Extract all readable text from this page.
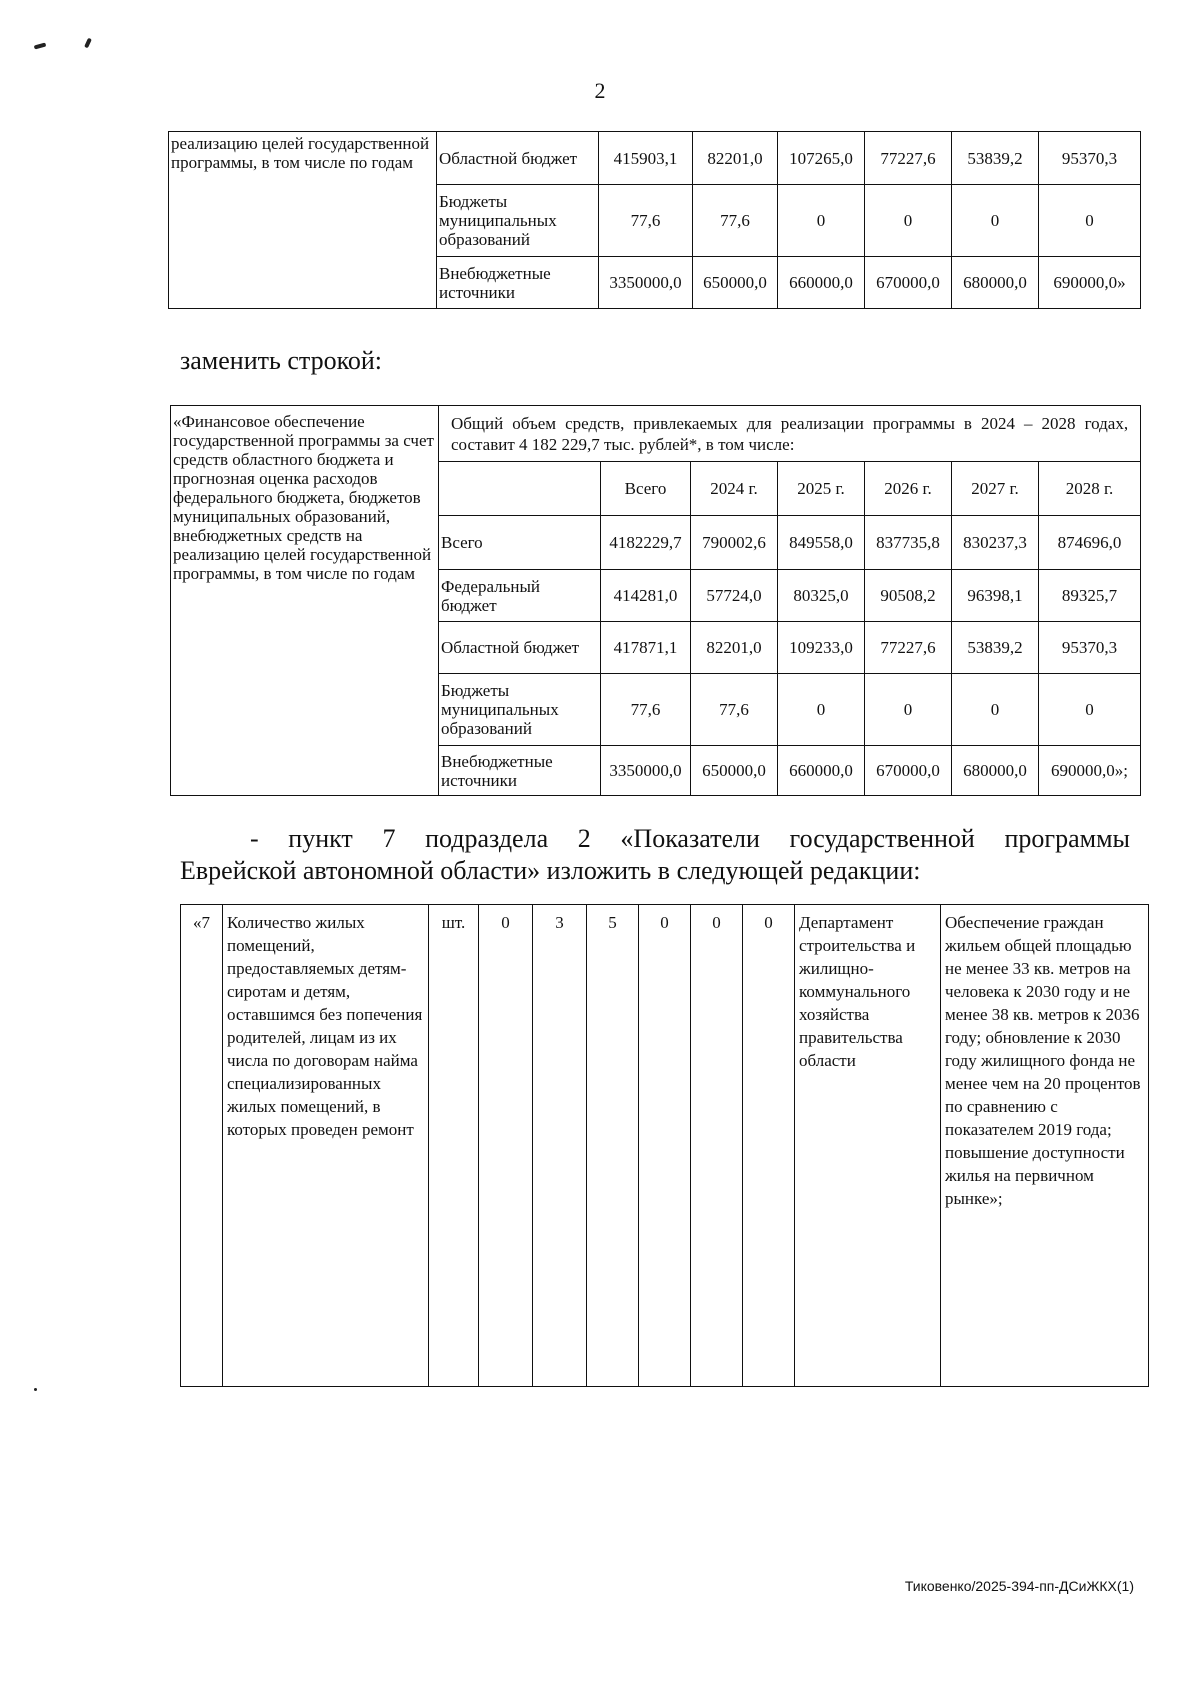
2
реализацию целей государственной программы, в том числе по годам	Областной бюджет	415903,1	82201,0	107265,0	77227,6	53839,2	95370,3
	Бюджеты муниципальных образований	77,6	77,6	0	0	0	0
	Внебюджетные источники	3350000,0	650000,0	660000,0	670000,0	680000,0	690000,0»
заменить строкой:
«Финансовое обеспечение государственной программы за счет средств областного бюджета и прогнозная оценка расходов федерального бюджета, бюджетов муниципальных образований, внебюджетных средств на реализацию целей государственной программы, в том числе по годам	Общий объем средств, привлекаемых для реализации программы в 2024 – 2028 годах, составит 4 182 229,7 тыс. рублей*, в том числе:						
		Всего	2024 г.	2025 г.	2026 г.	2027 г.	2028 г.
	Всего	4182229,7	790002,6	849558,0	837735,8	830237,3	874696,0
	Федеральный бюджет	414281,0	57724,0	80325,0	90508,2	96398,1	89325,7
	Областной бюджет	417871,1	82201,0	109233,0	77227,6	53839,2	95370,3
	Бюджеты муниципальных образований	77,6	77,6	0	0	0	0
	Внебюджетные источники	3350000,0	650000,0	660000,0	670000,0	680000,0	690000,0»;
- пункт 7 подраздела 2 «Показатели государственной программы
Еврейской автономной области» изложить в следующей редакции:
«7	Количество жилых помещений, предоставляемых детям-сиротам и детям, оставшимся без попечения родителей, лицам из их числа по договорам найма специализированных жилых помещений, в которых проведен ремонт	шт.	0	3	5	0	0	0	Департамент строительства и жилищно-коммунального хозяйства правительства области	Обеспечение граждан жильем общей площадью не менее 33 кв. метров на человека к 2030 году и не менее 38 кв. метров к 2036 году; обновление к 2030 году жилищного фонда не менее чем на 20 процентов по сравнению с показателем 2019 года; повышение доступности жилья на первичном рынке»;
Тиковенко/2025-394-пп-ДСиЖКХ(1)
